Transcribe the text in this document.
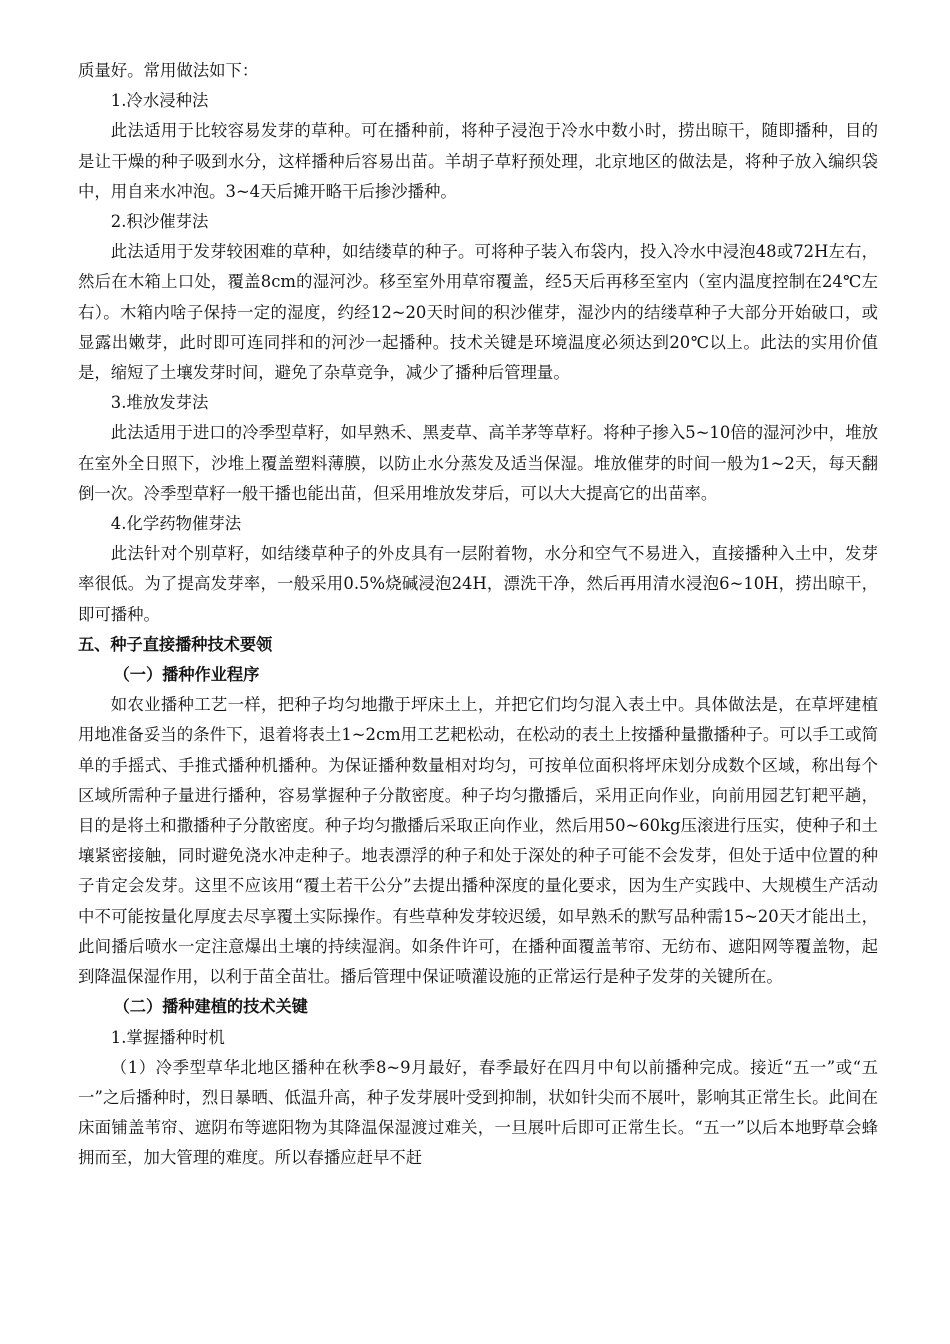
质量好。常用做法如下：

1.冷水浸种法

此法适用于比较容易发芽的草种。可在播种前，将种子浸泡于冷水中数小时，捞出晾干，随即播种，目的是让干燥的种子吸到水分，这样播种后容易出苗。羊胡子草籽预处理，北京地区的做法是，将种子放入编织袋中，用自来水冲泡。3~4天后摊开略干后掺沙播种。

2.积沙催芽法

此法适用于发芽较困难的草种，如结缕草的种子。可将种子装入布袋内，投入冷水中浸泡48或72H左右，然后在木箱上口处，覆盖8cm的湿河沙。移至室外用草帘覆盖，经5天后再移至室内（室内温度控制在24℃左右）。木箱内啥子保持一定的湿度，约经12~20天时间的积沙催芽，湿沙内的结缕草种子大部分开始破口，或显露出嫩芽，此时即可连同拌和的河沙一起播种。技术关键是环境温度必须达到20℃以上。此法的实用价值是，缩短了土壤发芽时间，避免了杂草竞争，减少了播种后管理量。

3.堆放发芽法

此法适用于进口的冷季型草籽，如早熟禾、黑麦草、高羊茅等草籽。将种子掺入5~10倍的湿河沙中，堆放在室外全日照下，沙堆上覆盖塑料薄膜，以防止水分蒸发及适当保湿。堆放催芽的时间一般为1~2天，每天翻倒一次。冷季型草籽一般干播也能出苗，但采用堆放发芽后，可以大大提高它的出苗率。

4.化学药物催芽法

此法针对个别草籽，如结缕草种子的外皮具有一层附着物，水分和空气不易进入，直接播种入土中，发芽率很低。为了提高发芽率，一般采用0.5%烧碱浸泡24H，漂洗干净，然后再用清水浸泡6~10H，捞出晾干，即可播种。

五、种子直接播种技术要领

（一）播种作业程序

如农业播种工艺一样，把种子均匀地撒于坪床土上，并把它们均匀混入表土中。具体做法是，在草坪建植用地准备妥当的条件下，退着将表土1~2cm用工艺耙松动，在松动的表土上按播种量撒播种子。可以手工或简单的手摇式、手推式播种机播种。为保证播种数量相对均匀，可按单位面积将坪床划分成数个区域，称出每个区域所需种子量进行播种，容易掌握种子分散密度。种子均匀撒播后，采用正向作业，向前用园艺钉耙平趟，目的是将土和撒播种子分散密度。种子均匀撒播后采取正向作业，然后用50~60kg压滚进行压实，使种子和土壤紧密接触，同时避免浇水冲走种子。地表漂浮的种子和处于深处的种子可能不会发芽，但处于适中位置的种子肯定会发芽。这里不应该用“覆土若干公分”去提出播种深度的量化要求，因为生产实践中、大规模生产活动中不可能按量化厚度去尽享覆土实际操作。有些草种发芽较迟缓，如早熟禾的默写品种需15~20天才能出土，此间播后喷水一定注意爆出土壤的持续湿润。如条件许可，在播种面覆盖苇帘、无纺布、遮阳网等覆盖物，起到降温保湿作用，以利于苗全苗壮。播后管理中保证喷灌设施的正常运行是种子发芽的关键所在。

（二）播种建植的技术关键

1.掌握播种时机

（1）冷季型草华北地区播种在秋季8~9月最好，春季最好在四月中旬以前播种完成。接近“五一”或“五一”之后播种时，烈日暴晒、低温升高，种子发芽展叶受到抑制，状如针尖而不展叶，影响其正常生长。此间在床面铺盖苇帘、遮阴布等遮阳物为其降温保湿渡过难关，一旦展叶后即可正常生长。“五一”以后本地野草会蜂拥而至，加大管理的难度。所以春播应赶早不赶
